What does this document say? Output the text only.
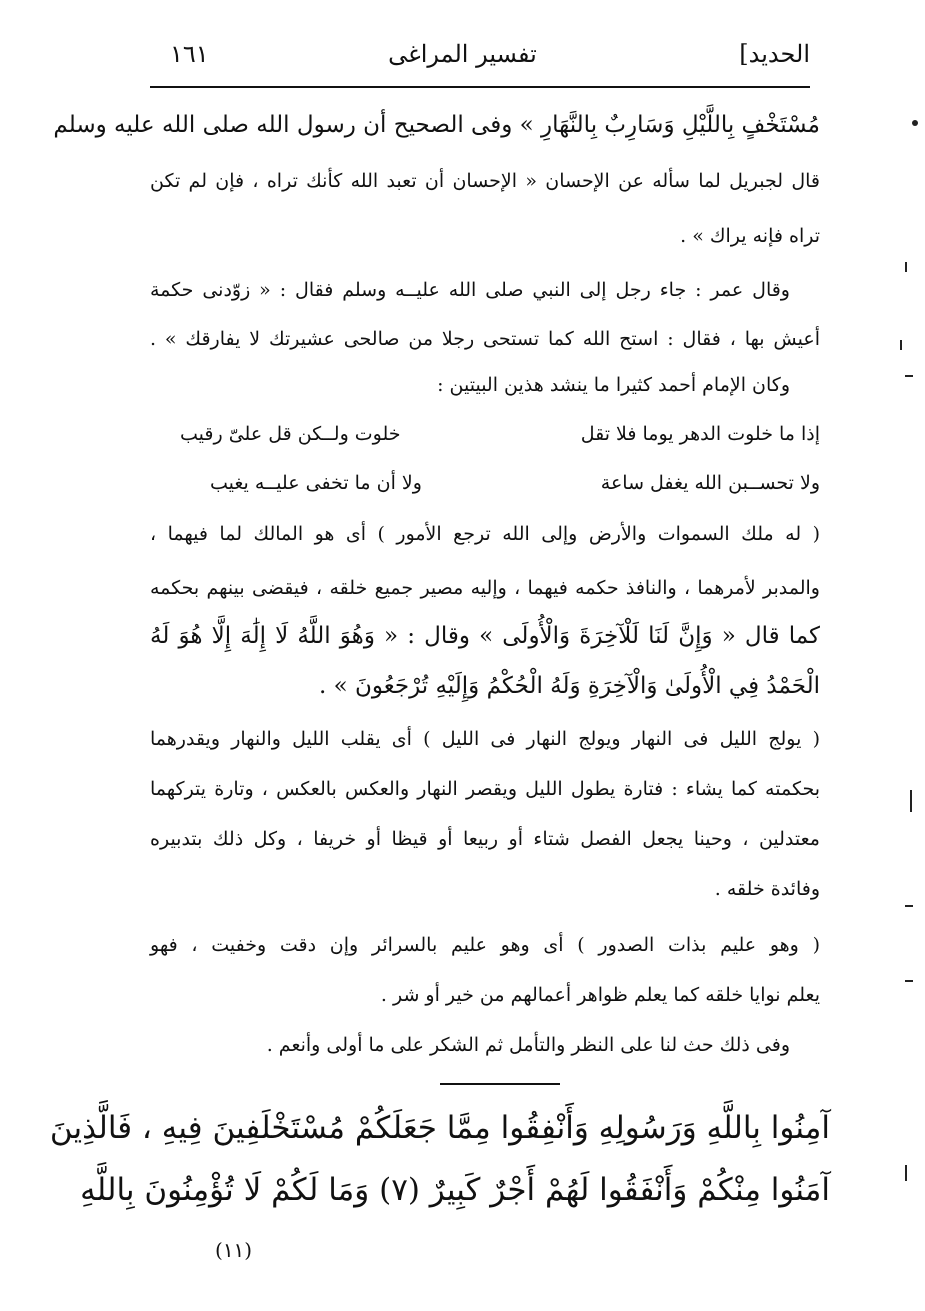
١٦١	تفسير المراغى	الحديد]
مُسْتَخْفٍ بِاللَّيْلِ وَسَارِبٌ بِالنَّهَارِ » وفى الصحيح أن رسول الله صلى الله عليه وسلم
قال لجبريل لما سأله عن الإحسان « الإحسان أن تعبد الله كأنك تراه ، فإن لم تكن
تراه فإنه يراك » .
وقال عمر : جاء رجل إلى النبي صلى الله عليــه وسلم فقال : « زوّدنى حكمة
أعيش بها ، فقال : استح الله كما تستحى رجلا من صالحى عشيرتك لا يفارقك » .
وكان الإمام أحمد كثيرا ما ينشد هذين البيتين :
إذا ما خلوت الدهر يوما فلا تقل
خلوت ولــكن قل علىّ رقيب
ولا تحســبن الله يغفل ساعة
ولا أن ما تخفى عليــه يغيب
( له ملك السموات والأرض وإلى الله ترجع الأمور ) أى هو المالك لما فيهما ،
والمدبر لأمرهما ، والنافذ حكمه فيهما ، وإليه مصير جميع خلقه ، فيقضى بينهم بحكمه
كما قال « وَإِنَّ لَنَا لَلْآخِرَةَ وَالْأُولَى » وقال : « وَهُوَ اللَّهُ لَا إِلَٰهَ إِلَّا هُوَ لَهُ
الْحَمْدُ فِي الْأُولَىٰ وَالْآخِرَةِ وَلَهُ الْحُكْمُ وَإِلَيْهِ تُرْجَعُونَ » .
( يولج الليل فى النهار ويولج النهار فى الليل ) أى يقلب الليل والنهار ويقدرهما
بحكمته كما يشاء : فتارة يطول الليل ويقصر النهار والعكس بالعكس ، وتارة يتركهما
معتدلين ، وحينا يجعل الفصل شتاء أو ربيعا أو قيظا أو خريفا ، وكل ذلك بتدبيره
وفائدة خلقه .
( وهو عليم بذات الصدور ) أى وهو عليم بالسرائر وإن دقت وخفيت ، فهو
يعلم نوايا خلقه كما يعلم ظواهر أعمالهم من خير أو شر .
وفى ذلك حث لنا على النظر والتأمل ثم الشكر على ما أولى وأنعم .
آمِنُوا بِاللَّهِ وَرَسُولِهِ وَأَنْفِقُوا مِمَّا جَعَلَكُمْ مُسْتَخْلَفِينَ فِيهِ ، فَالَّذِينَ
آمَنُوا مِنْكُمْ وَأَنْفَقُوا لَهُمْ أَجْرٌ كَبِيرٌ (٧) وَمَا لَكُمْ لَا تُؤْمِنُونَ بِاللَّهِ
(١١)
